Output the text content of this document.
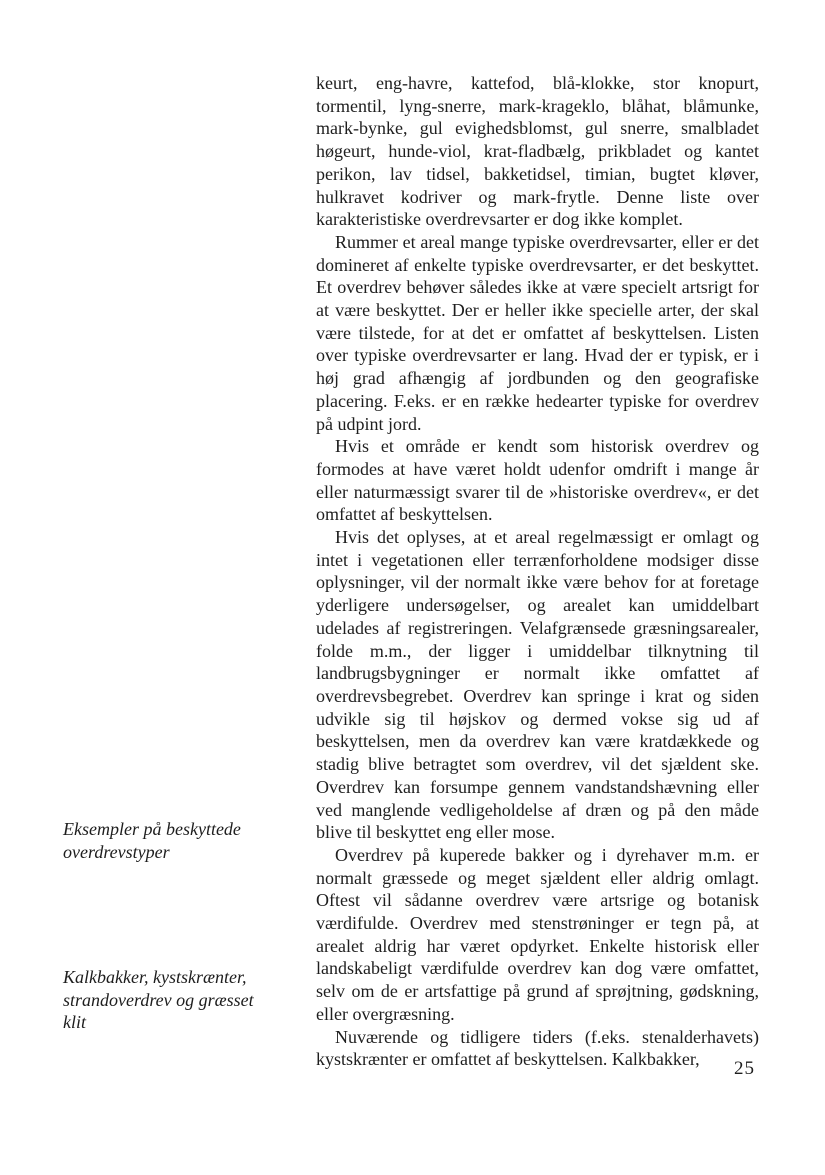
Eksempler på beskyttede
overdrevstyper
Kalkbakker, kystskrænter,
strandoverdrev og græsset
klit

keurt, eng-havre, kattefod, blå-klokke, stor knopurt, tormentil, lyng-snerre, mark-krageklo, blåhat, blåmunke, mark-bynke, gul evighedsblomst, gul snerre, smalbladet høgeurt, hunde-viol, krat-fladbælg, prikbladet og kantet perikon, lav tidsel, bakketidsel, timian, bugtet kløver, hulkravet kodriver og mark-frytle. Denne liste over karakteristiske overdrevsarter er dog ikke komplet.

Rummer et areal mange typiske overdrevsarter, eller er det domineret af enkelte typiske overdrevsarter, er det beskyttet. Et overdrev behøver således ikke at være specielt artsrigt for at være beskyttet. Der er heller ikke specielle arter, der skal være tilstede, for at det er omfattet af beskyttelsen. Listen over typiske overdrevsarter er lang. Hvad der er typisk, er i høj grad afhængig af jordbunden og den geografiske placering. F.eks. er en række hedearter typiske for overdrev på udpint jord.

Hvis et område er kendt som historisk overdrev og formodes at have været holdt udenfor omdrift i mange år eller naturmæssigt svarer til de »historiske overdrev«, er det omfattet af beskyttelsen.

Hvis det oplyses, at et areal regelmæssigt er omlagt og intet i vegetationen eller terrænforholdene modsiger disse oplysninger, vil der normalt ikke være behov for at foretage yderligere undersøgelser, og arealet kan umiddelbart udelades af registreringen. Velafgrænsede græsningsarealer, folde m.m., der ligger i umiddelbar tilknytning til landbrugsbygninger er normalt ikke omfattet af overdrevsbegrebet. Overdrev kan springe i krat og siden udvikle sig til højskov og dermed vokse sig ud af beskyttelsen, men da overdrev kan være kratdækkede og stadig blive betragtet som overdrev, vil det sjældent ske. Overdrev kan forsumpe gennem vandstandshævning eller ved manglende vedligeholdelse af dræn og på den måde blive til beskyttet eng eller mose.

Overdrev på kuperede bakker og i dyrehaver m.m. er normalt græssede og meget sjældent eller aldrig omlagt. Oftest vil sådanne overdrev være artsrige og botanisk værdifulde. Overdrev med stenstrøninger er tegn på, at arealet aldrig har været opdyrket. Enkelte historisk eller landskabeligt værdifulde overdrev kan dog være omfattet, selv om de er artsfattige på grund af sprøjtning, gødskning, eller overgræsning.

Nuværende og tidligere tiders (f.eks. stenalderhavets) kystskrænter er omfattet af beskyttelsen. Kalkbakker,	25
